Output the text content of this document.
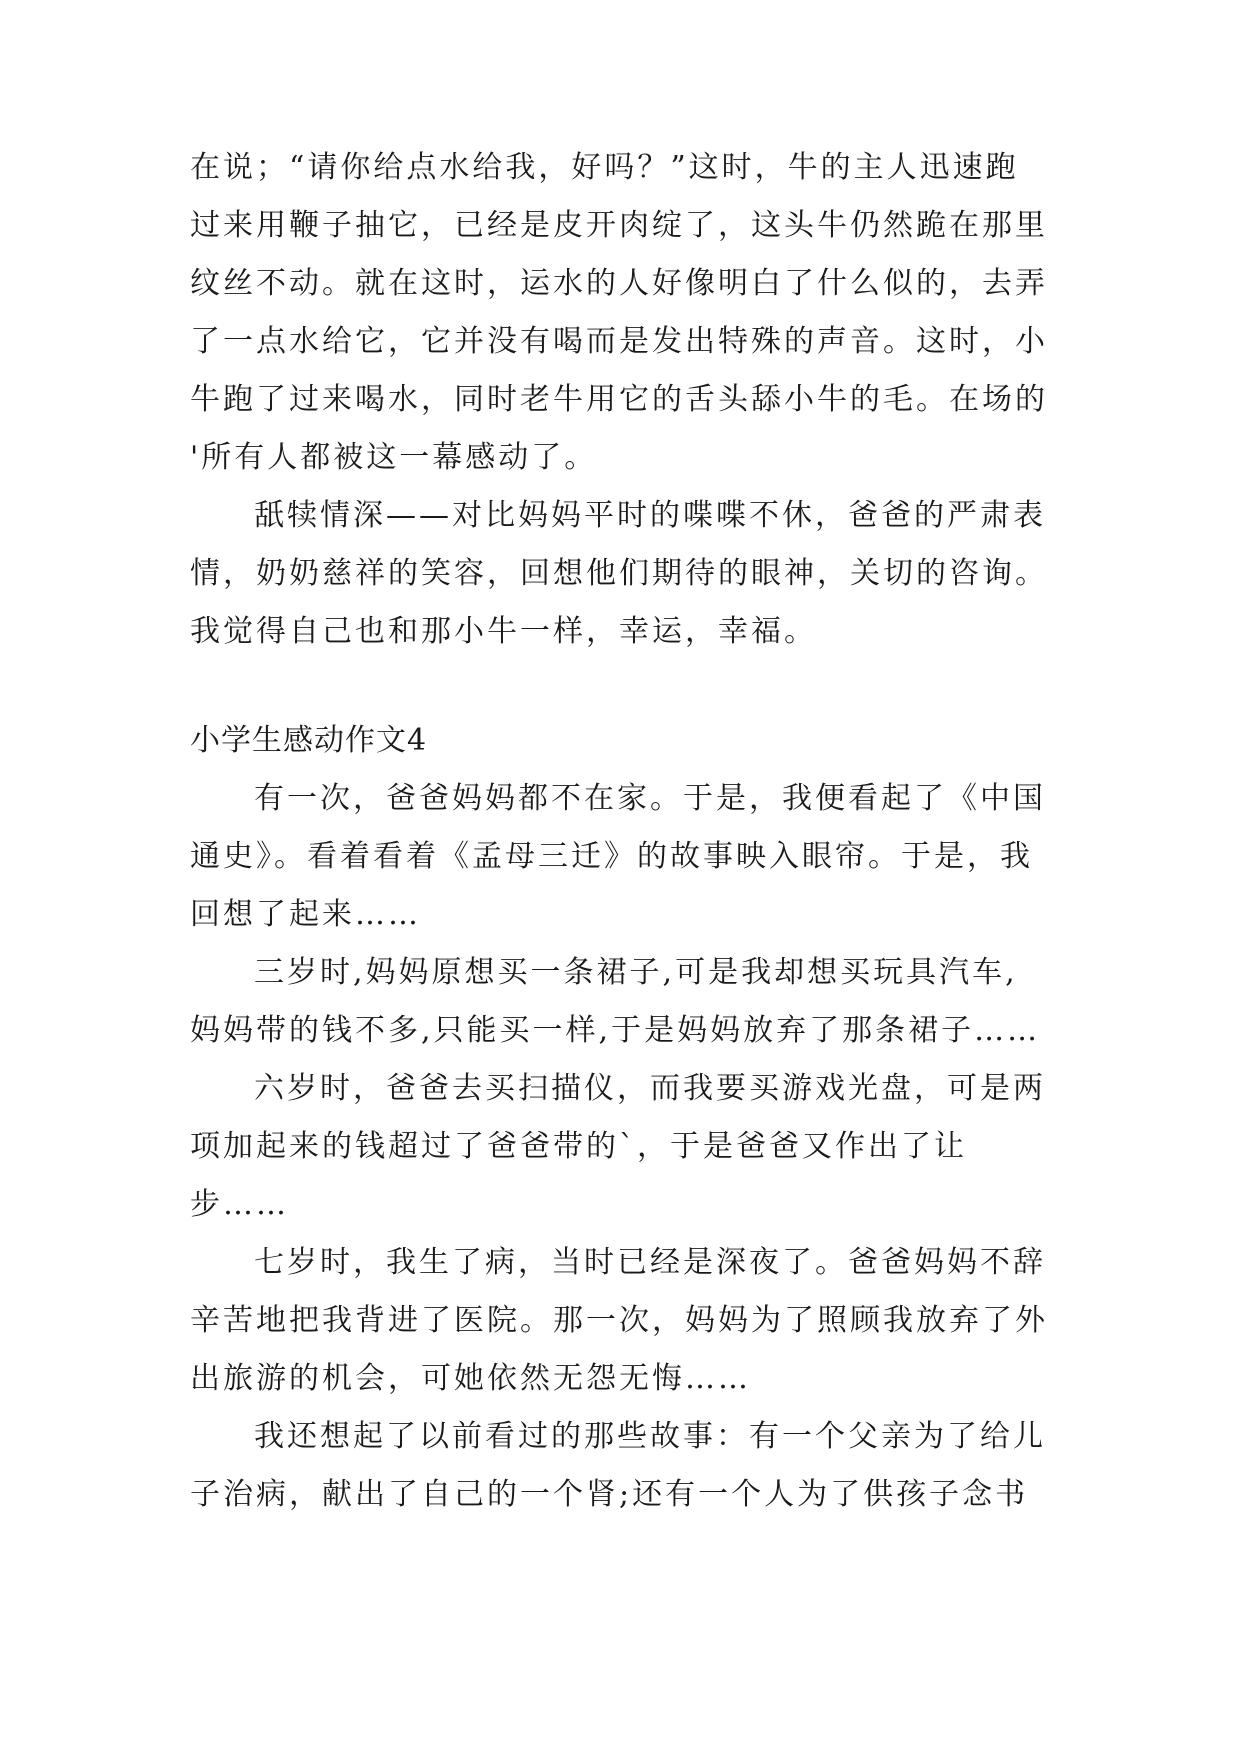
在说；“请你给点水给我，好吗？”这时，牛的主人迅速跑
过来用鞭子抽它，已经是皮开肉绽了，这头牛仍然跪在那里
纹丝不动。就在这时，运水的人好像明白了什么似的，去弄
了一点水给它，它并没有喝而是发出特殊的声音。这时，小
牛跑了过来喝水，同时老牛用它的舌头舔小牛的毛。在场的
'所有人都被这一幕感动了。
舐犊情深——对比妈妈平时的喋喋不休，爸爸的严肃表
情，奶奶慈祥的笑容，回想他们期待的眼神，关切的咨询。
我觉得自己也和那小牛一样，幸运，幸福。
小学生感动作文4
有一次，爸爸妈妈都不在家。于是，我便看起了《中国
通史》。看着看着《孟母三迁》的故事映入眼帘。于是，我
回想了起来……
三岁时,妈妈原想买一条裙子,可是我却想买玩具汽车,
妈妈带的钱不多,只能买一样,于是妈妈放弃了那条裙子……
六岁时，爸爸去买扫描仪，而我要买游戏光盘，可是两
项加起来的钱超过了爸爸带的`，于是爸爸又作出了让
步……
七岁时，我生了病，当时已经是深夜了。爸爸妈妈不辞
辛苦地把我背进了医院。那一次，妈妈为了照顾我放弃了外
出旅游的机会，可她依然无怨无悔……
我还想起了以前看过的那些故事：有一个父亲为了给儿
子治病，献出了自己的一个肾;还有一个人为了供孩子念书
